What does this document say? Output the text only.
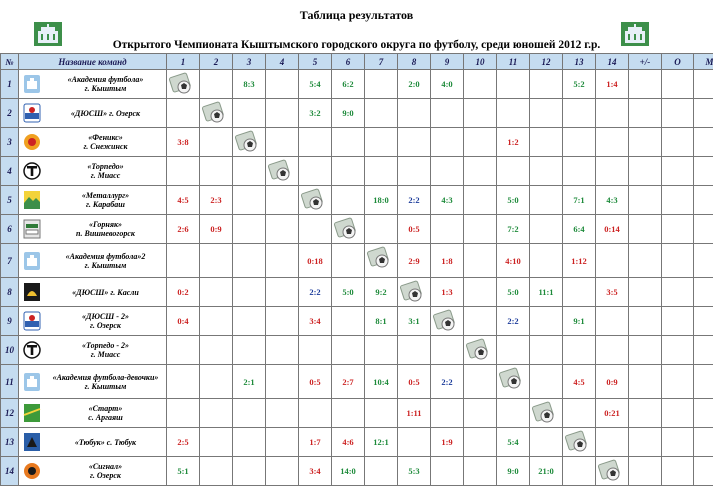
Таблица результатов
Открытого Чемпионата Кыштымского городского округа по футболу, среди юношей 2012 г.р.
№	Название команд	1	2	3	4	5	6	7	8	9	10	11	12	13	14	+/-	О	М
1	«Академия футбола»
г. Кыштым			8:3		5:4	6:2		2:0	4:0				5:2	1:4			
2	«ДЮСШ» г. Озерск					3:2	9:0											
3	«Феникс»
г. Снежинск	3:8										1:2						
4	«Торпедо»
г. Миасс

5	«Металлург»
г. Карабаш	4:5	2:3					18:0	2:2	4:3		5:0		7:1	4:3			
6	«Горняк»
п. Вишневогорск	2:6	0:9						0:5			7:2		6:4	0:14			
7	«Академия футбола»2
г. Кыштым					0:18			2:9	1:8		4:10		1:12				
8	«ДЮСШ» г. Касли	0:2				2:2	5:0	9:2		1:3		5:0	11:1		3:5			
9	«ДЮСШ - 2»
г. Озерск	0:4				3:4		8:1	3:1			2:2		9:1				
10	«Торпедо - 2»
г. Миасс

11	«Академия футбола-девочки»
г. Кыштым			2:1		0:5	2:7	10:4	0:5	2:2				4:5	0:9			
12	«Старт»
с. Аргаяш								1:11						0:21			
13	«Тюбук» с. Тюбук	2:5				1:7	4:6	12:1		1:9		5:4		

14	«Сигнал»
г. Озерск	5:1				3:4	14:0		5:3			9:0	21:0		
